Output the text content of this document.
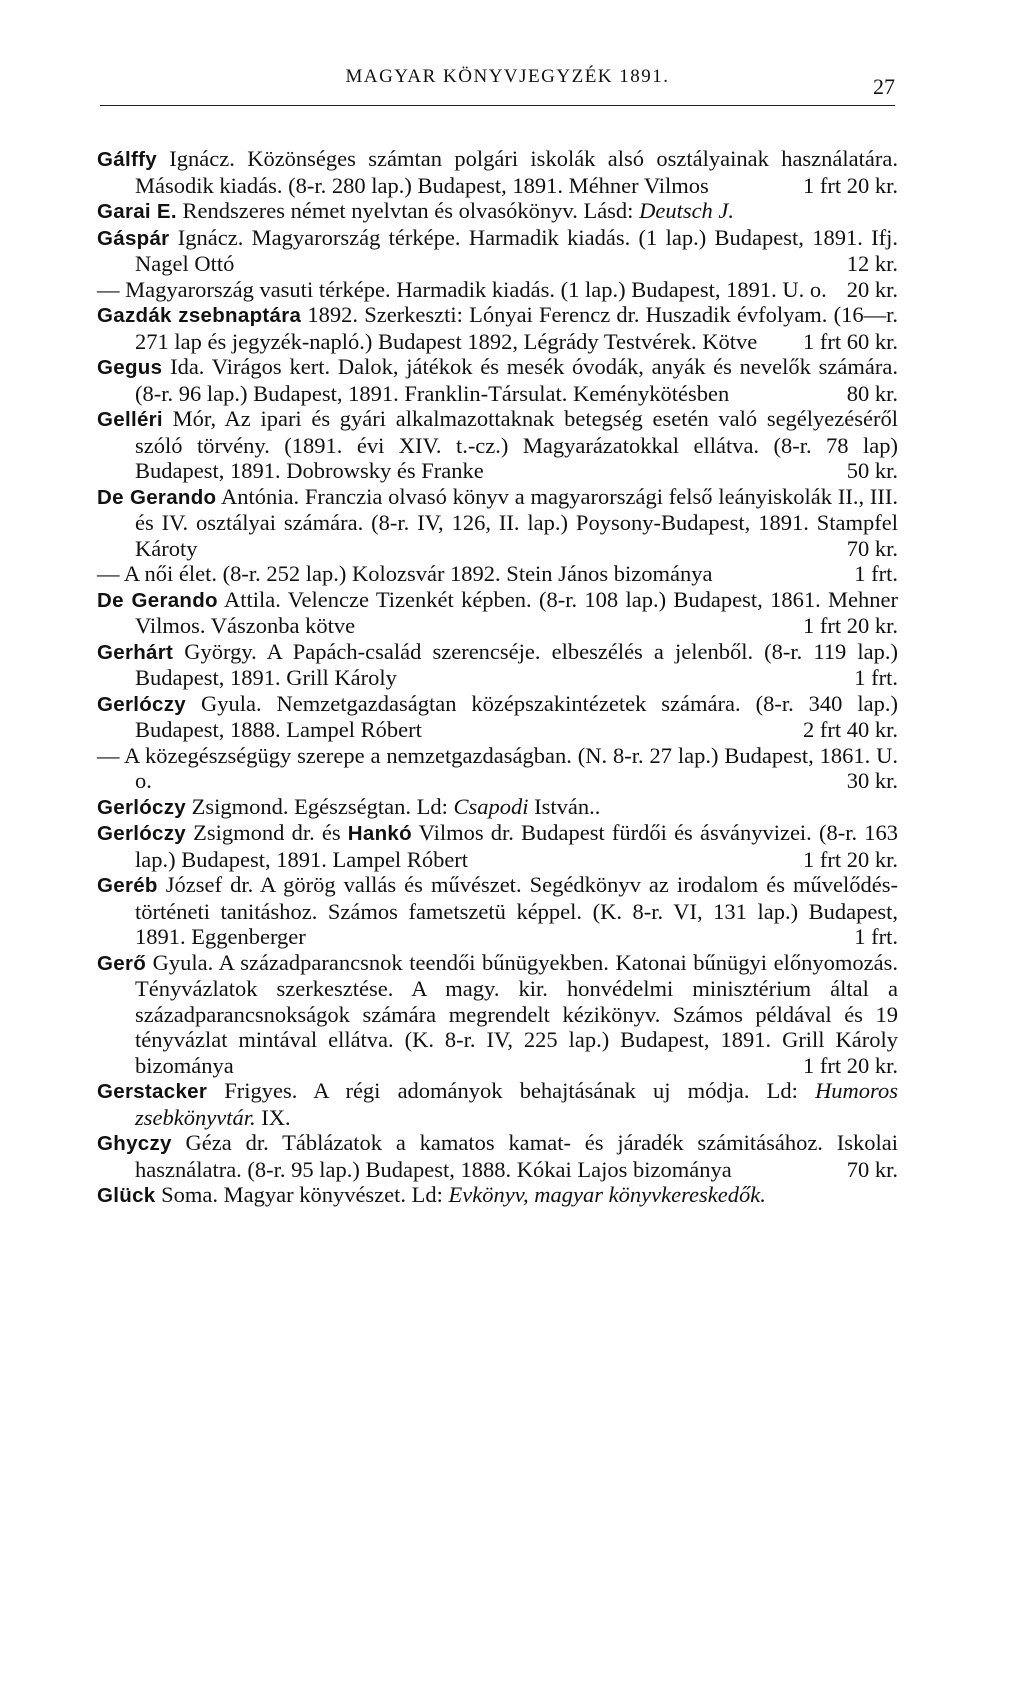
MAGYAR KÖNYVJEGYZÉK 1891.	27

Gálffy Ignácz. Közönséges számtan polgári iskolák alsó osztályainak használatára. Második kiadás. (8-r. 280 lap.) Budapest, 1891. Méhner Vilmos	1 frt 20 kr.

Garai E. Rendszeres német nyelvtan és olvasókönyv. Lásd: Deutsch J.

Gáspár Ignácz. Magyarország térképe. Harmadik kiadás. (1 lap.) Budapest, 1891. Ifj. Nagel Ottó	12 kr.

— Magyarország vasuti térképe. Harmadik kiadás. (1 lap.) Budapest, 1891. U. o. 20 kr.

Gazdák zsebnaptára 1892. Szerkeszti: Lónyai Ferencz dr. Huszadik évfolyam. (16—r. 271 lap és jegyzék-napló.) Budapest 1892, Légrády Testvérek. Kötve 1 frt 60 kr.

Gegus Ida. Virágos kert. Dalok, játékok és mesék óvodák, anyák és nevelők számára. (8-r. 96 lap.) Budapest, 1891. Franklin-Társulat. Keménykötésben	80 kr.

Gelléri Mór, Az ipari és gyári alkalmazottaknak betegség esetén való segélyezéséről szóló törvény. (1891. évi XIV. t.-cz.) Magyarázatokkal ellátva. (8-r. 78 lap) Budapest, 1891. Dobrowsky és Franke	50 kr.

De Gerando Antónia. Franczia olvasó könyv a magyarországi felső leányiskolák II., III. és IV. osztályai számára. (8-r. IV, 126, II. lap.) Poysony-Budapest, 1891. Stampfel Károty	70 kr.

— A női élet. (8-r. 252 lap.) Kolozsvár 1892. Stein János bizománya	1 frt.

De Gerando Attila. Velencze Tizenkét képben. (8-r. 108 lap.) Budapest, 1861. Mehner Vilmos. Vászonba kötve	1 frt 20 kr.

Gerhárt György. A Papách-család szerencséje. elbeszélés a jelenből. (8-r. 119 lap.) Budapest, 1891. Grill Károly	1 frt.

Gerlóczy Gyula. Nemzetgazdaságtan középszakintézetek számára. (8-r. 340 lap.) Budapest, 1888. Lampel Róbert	2 frt 40 kr.

— A közegészségügy szerepe a nemzetgazdaságban. (N. 8-r. 27 lap.) Budapest, 1861. U. o.	30 kr.

Gerlóczy Zsigmond. Egészségtan. Ld: Csapodi István..

Gerlóczy Zsigmond dr. és Hankó Vilmos dr. Budapest fürdői és ásványvizei. (8-r. 163 lap.) Budapest, 1891. Lampel Róbert	1 frt 20 kr.

Geréb József dr. A görög vallás és művészet. Segédkönyv az irodalom és művelődés-történeti tanitáshoz. Számos fametszetü képpel. (K. 8-r. VI, 131 lap.) Budapest, 1891. Eggenberger	1 frt.

Gerő Gyula. A századparancsnok teendői bűnügyekben. Katonai bűnügyi előnyomozás. Tényvázlatok szerkesztése. A magy. kir. honvédelmi minisztérium által a századparancsnokságok számára megrendelt kézikönyv. Számos példával és 19 tényvázlat mintával ellátva. (K. 8-r. IV, 225 lap.) Budapest, 1891. Grill Károly bizománya	1 frt 20 kr.

Gerstacker Frigyes. A régi adományok behajtásának uj módja. Ld: Humoros zsebkönyvtár. IX.

Ghyczy Géza dr. Táblázatok a kamatos kamat- és járadék számitásához. Iskolai használatra. (8-r. 95 lap.) Budapest, 1888. Kókai Lajos bizománya	70 kr.

Glück Soma. Magyar könyvészet. Ld: Evkönyv, magyar könyvkereskedők.
